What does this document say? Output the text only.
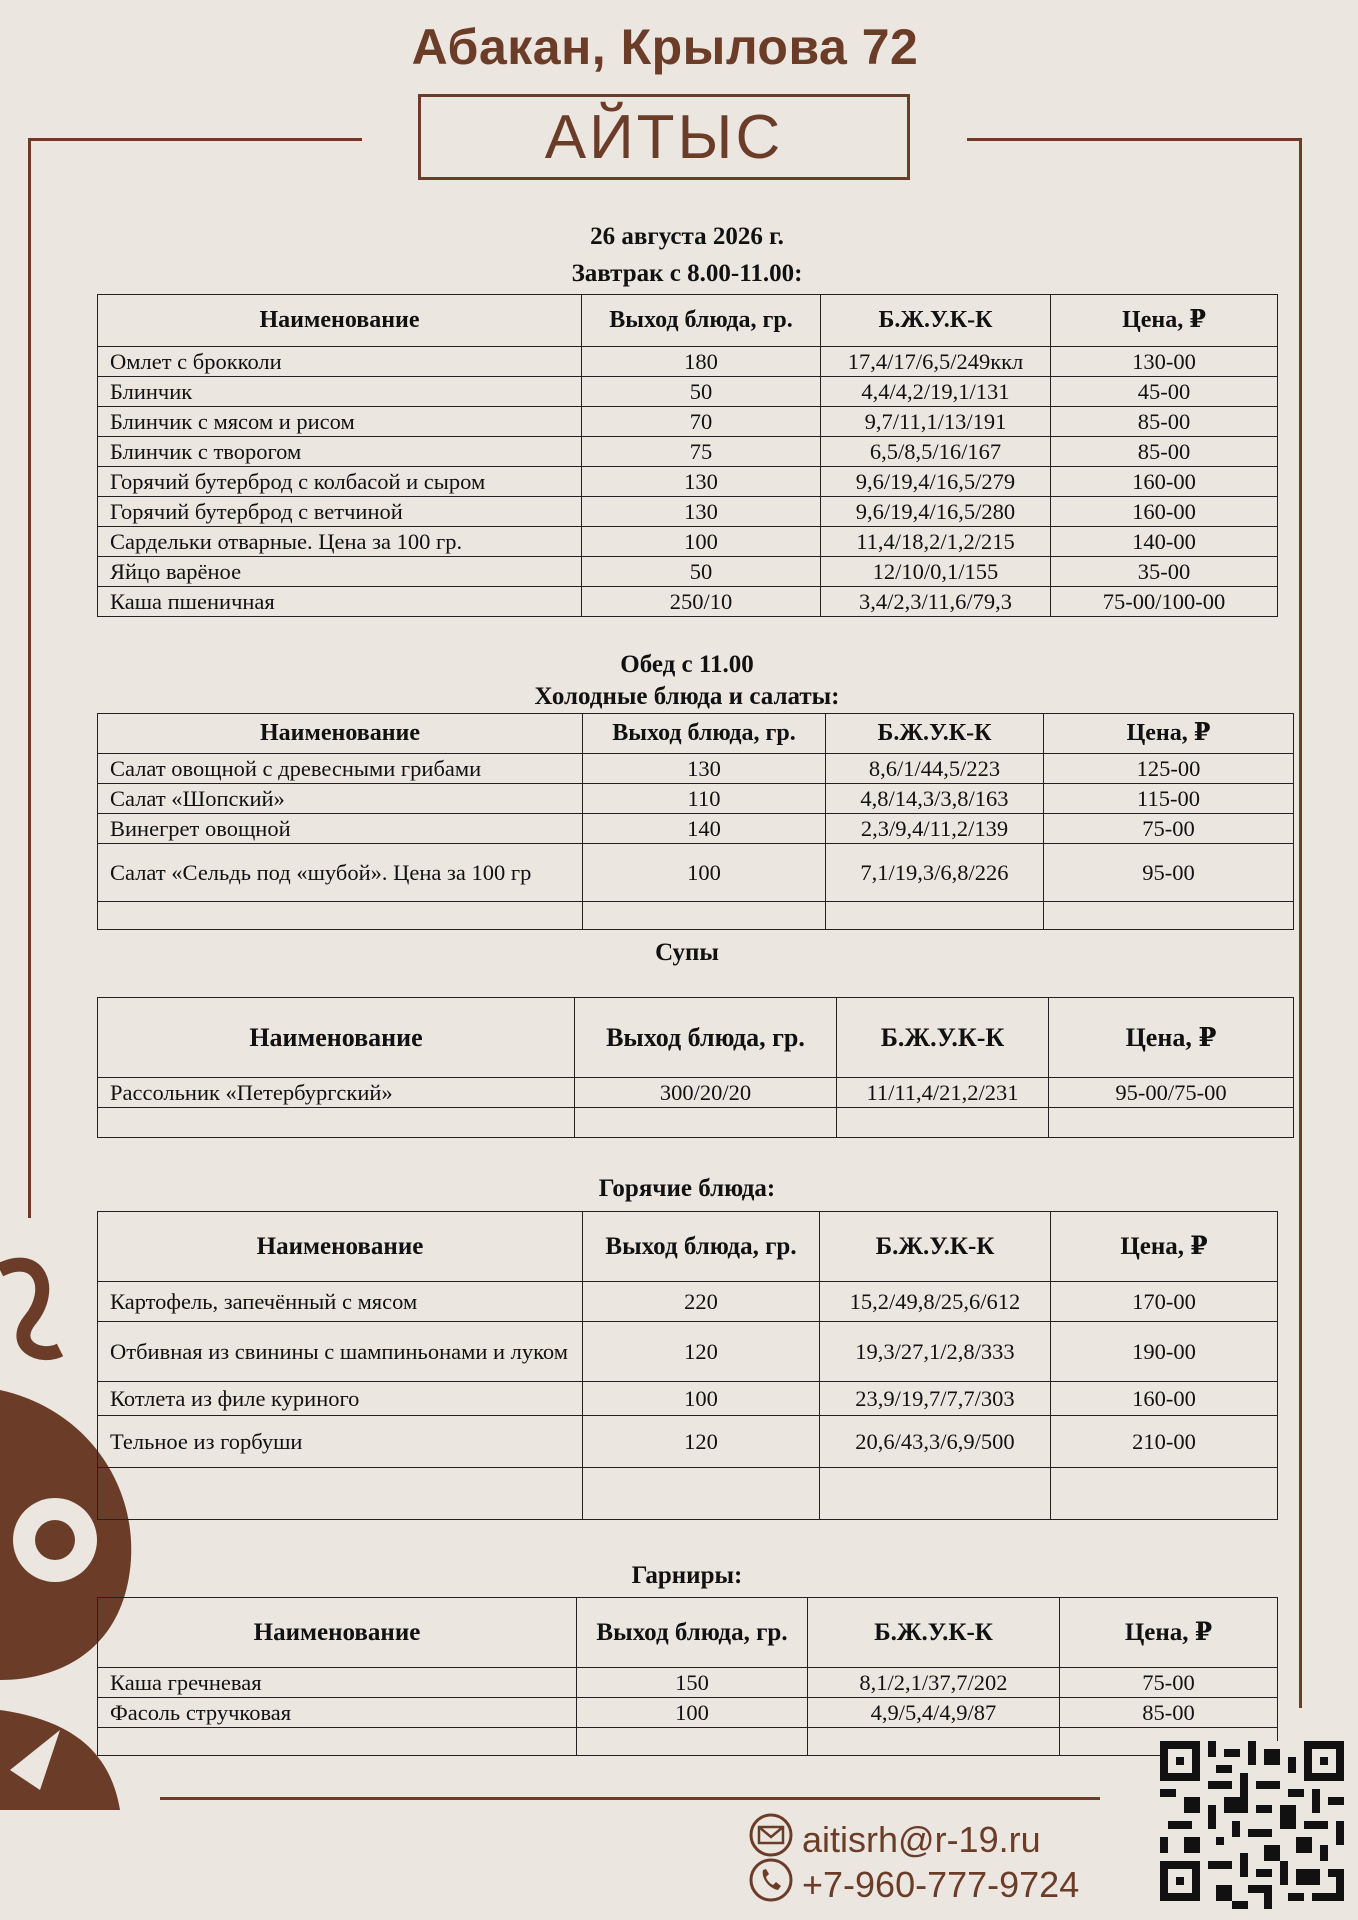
Абакан, Крылова 72
АЙТЫС
26 августа 2026 г.
Завтрак с 8.00-11.00:
Наименование	Выход блюда, гр.	Б.Ж.У.К-К	Цена, ₽
Омлет с брокколи	180	17,4/17/6,5/249ккл	130-00
Блинчик	50	4,4/4,2/19,1/131	45-00
Блинчик с мясом и рисом	70	9,7/11,1/13/191	85-00
Блинчик с творогом	75	6,5/8,5/16/167	85-00
Горячий бутерброд с колбасой и сыром	130	9,6/19,4/16,5/279	160-00
Горячий бутерброд с ветчиной	130	9,6/19,4/16,5/280	160-00
Сардельки отварные. Цена за 100 гр.	100	11,4/18,2/1,2/215	140-00
Яйцо варёное	50	12/10/0,1/155	35-00
Каша пшеничная	250/10	3,4/2,3/11,6/79,3	75-00/100-00
Обед с 11.00
Холодные блюда и салаты:
Наименование	Выход блюда, гр.	Б.Ж.У.К-К	Цена, ₽
Салат овощной с древесными грибами	130	8,6/1/44,5/223	125-00
Салат «Шопский»	110	4,8/14,3/3,8/163	115-00
Винегрет овощной	140	2,3/9,4/11,2/139	75-00
Салат «Сельдь под «шубой». Цена за 100 гр	100	7,1/19,3/6,8/226	95-00

Супы
Наименование	Выход блюда, гр.	Б.Ж.У.К-К	Цена, ₽
Рассольник «Петербургский»	300/20/20	11/11,4/21,2/231	95-00/75-00

Горячие блюда:
Наименование	Выход блюда, гр.	Б.Ж.У.К-К	Цена, ₽
Картофель, запечённый с мясом	220	15,2/49,8/25,6/612	170-00
Отбивная из свинины с шампиньонами и луком	120	19,3/27,1/2,8/333	190-00
Котлета из филе куриного	100	23,9/19,7/7,7/303	160-00
Тельное из горбуши	120	20,6/43,3/6,9/500	210-00

Гарниры:
Наименование	Выход блюда, гр.	Б.Ж.У.К-К	Цена, ₽
Каша гречневая	150	8,1/2,1/37,7/202	75-00
Фасоль стручковая	100	4,9/5,4/4,9/87	85-00

aitisrh@r-19.ru
+7-960-777-9724
